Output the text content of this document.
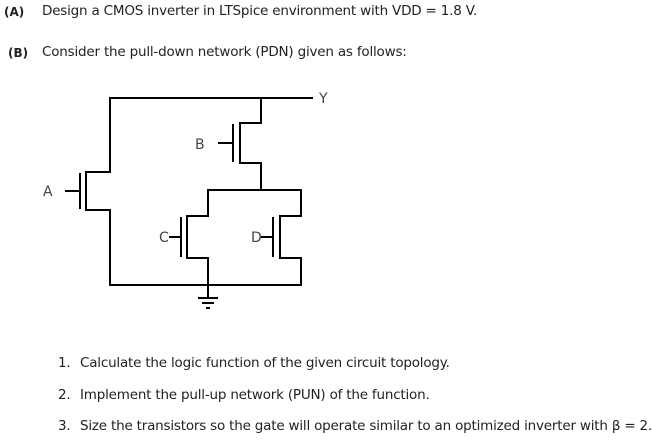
(A) Design a CMOS inverter in LTSpice environment with VDD = 1.8 V.
(B) Consider the pull-down network (PDN) given as follows:
Y
A
B
C	D
1. Calculate the logic function of the given circuit topology.
2. Implement the pull-up network (PUN) of the function.
3. Size the transistors so the gate will operate similar to an optimized inverter with β = 2.
